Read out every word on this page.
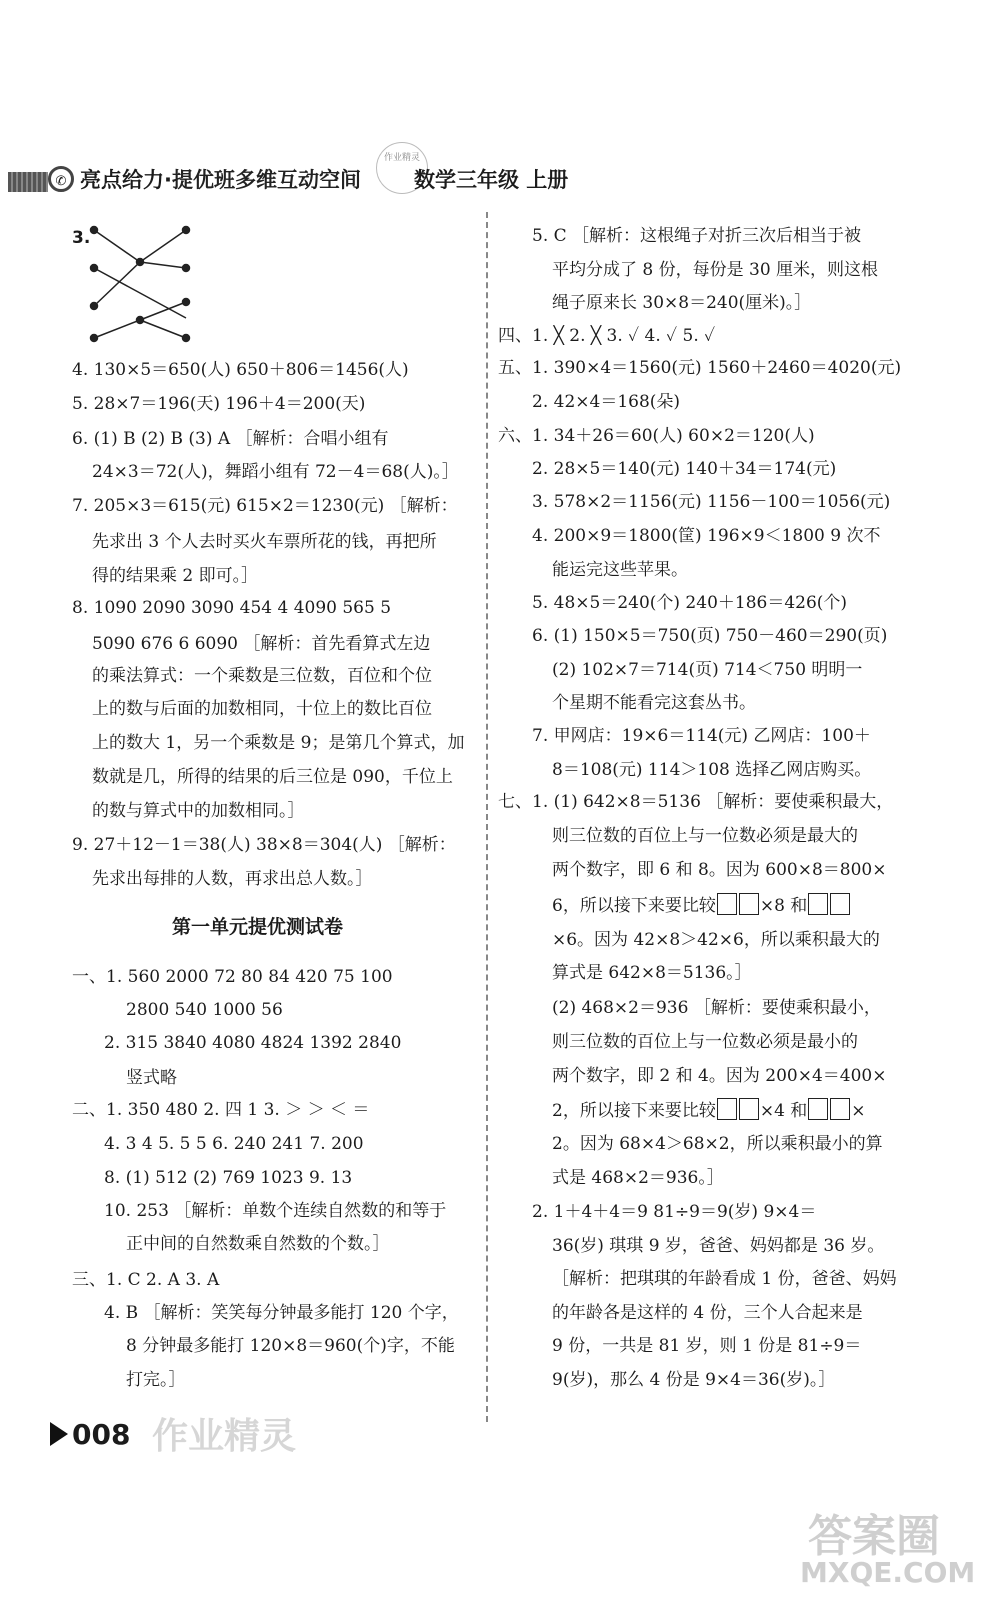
✆ 亮点给力·提优班多维互动空间
作业精灵
数学三年级 上册
3.
4. 130×5＝650(人) 650＋806＝1456(人)
5. 28×7＝196(天) 196＋4＝200(天)
6. (1) B (2) B (3) A ［解析：合唱小组有
24×3＝72(人)，舞蹈小组有 72－4＝68(人)。］
7. 205×3＝615(元) 615×2＝1230(元) ［解析：
先求出 3 个人去时买火车票所花的钱，再把所
得的结果乘 2 即可。］
8. 1090 2090 3090 454 4 4090 565 5
5090 676 6 6090 ［解析：首先看算式左边
的乘法算式：一个乘数是三位数，百位和个位
上的数与后面的加数相同，十位上的数比百位
上的数大 1，另一个乘数是 9；是第几个算式，加
数就是几，所得的结果的后三位是 090，千位上
的数与算式中的加数相同。］
9. 27＋12－1＝38(人) 38×8＝304(人) ［解析：
先求出每排的人数，再求出总人数。］
第一单元提优测试卷
一、1. 560 2000 72 80 84 420 75 100
2800 540 1000 56
2. 315 3840 4080 4824 1392 2840
竖式略
二、1. 350 480 2. 四 1 3. ＞ ＞ ＜ ＝
4. 3 4 5. 5 5 6. 240 241 7. 200
8. (1) 512 (2) 769 1023 9. 13
10. 253 ［解析：单数个连续自然数的和等于
正中间的自然数乘自然数的个数。］
三、1. C 2. A 3. A
4. B ［解析：笑笑每分钟最多能打 120 个字，
8 分钟最多能打 120×8＝960(个)字，不能
打完。］
5. C ［解析：这根绳子对折三次后相当于被
平均分成了 8 份，每份是 30 厘米，则这根
绳子原来长 30×8＝240(厘米)。］
四、1. ╳ 2. ╳ 3. ✓ 4. ✓ 5. ✓
五、1. 390×4＝1560(元) 1560＋2460＝4020(元)
2. 42×4＝168(朵)
六、1. 34＋26＝60(人) 60×2＝120(人)
2. 28×5＝140(元) 140＋34＝174(元)
3. 578×2＝1156(元) 1156－100＝1056(元)
4. 200×9＝1800(筐) 196×9＜1800 9 次不
能运完这些苹果。
5. 48×5＝240(个) 240＋186＝426(个)
6. (1) 150×5＝750(页) 750－460＝290(页)
(2) 102×7＝714(页) 714＜750 明明一
个星期不能看完这套丛书。
7. 甲网店：19×6＝114(元) 乙网店：100＋
8＝108(元) 114＞108 选择乙网店购买。
七、1. (1) 642×8＝5136 ［解析：要使乘积最大，
则三位数的百位上与一位数必须是最大的
两个数字，即 6 和 8。因为 600×8＝800×
6，所以接下来要比较	×8 和
×6。因为 42×8＞42×6，所以乘积最大的
算式是 642×8＝5136。］
(2) 468×2＝936 ［解析：要使乘积最小，
则三位数的百位上与一位数必须是最小的
两个数字，即 2 和 4。因为 200×4＝400×
2，所以接下来要比较	×4 和	×
2。因为 68×4＞68×2，所以乘积最小的算
式是 468×2＝936。］
2. 1＋4＋4＝9 81÷9＝9(岁) 9×4＝
36(岁) 琪琪 9 岁，爸爸、妈妈都是 36 岁。
［解析：把琪琪的年龄看成 1 份，爸爸、妈妈
的年龄各是这样的 4 份，三个人合起来是
9 份，一共是 81 岁，则 1 份是 81÷9＝
9(岁)，那么 4 份是 9×4＝36(岁)。］
008 作业精灵
答案圈
MXQE.COM
